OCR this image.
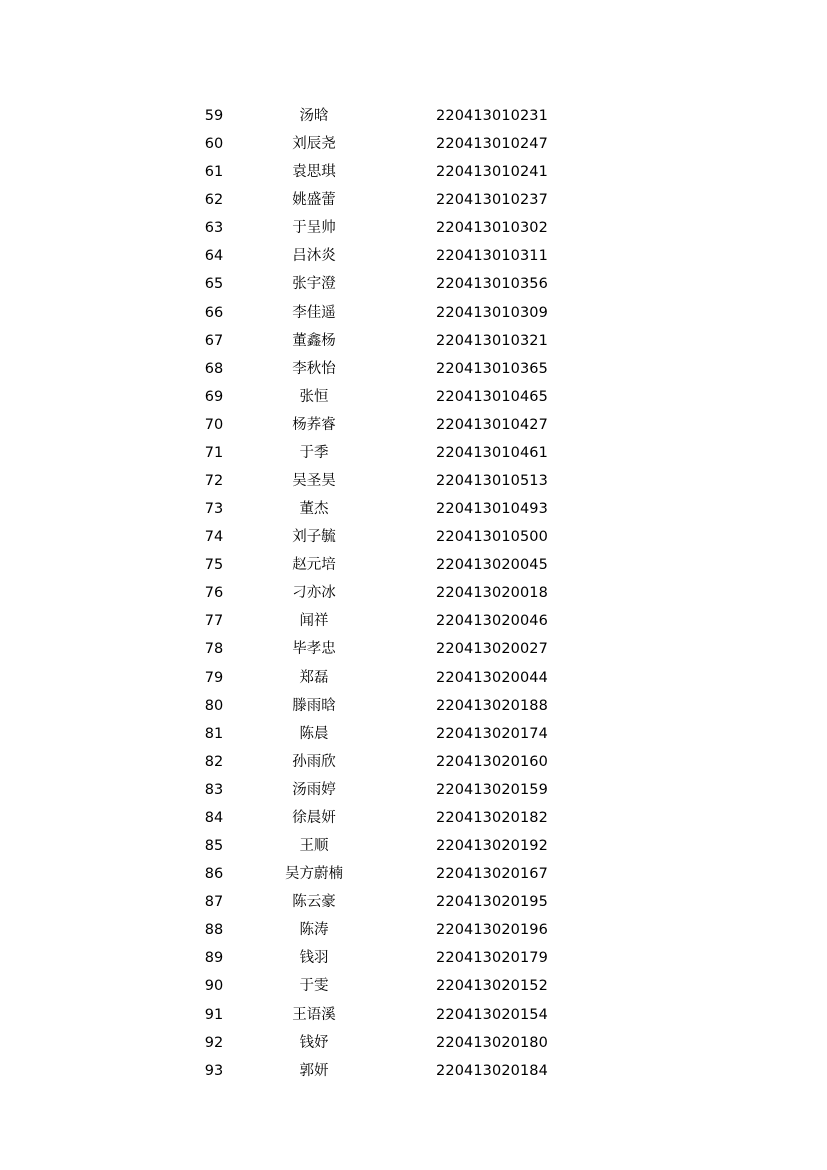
59	汤晗	220413010231
60	刘辰尧	220413010247
61	袁思琪	220413010241
62	姚盛蕾	220413010237
63	于呈帅	220413010302
64	吕沐炎	220413010311
65	张宇澄	220413010356
66	李佳遥	220413010309
67	董鑫杨	220413010321
68	李秋怡	220413010365
69	张恒	220413010465
70	杨荞睿	220413010427
71	于季	220413010461
72	吴圣昊	220413010513
73	董杰	220413010493
74	刘子毓	220413010500
75	赵元培	220413020045
76	刁亦冰	220413020018
77	闻祥	220413020046
78	毕孝忠	220413020027
79	郑磊	220413020044
80	滕雨晗	220413020188
81	陈晨	220413020174
82	孙雨欣	220413020160
83	汤雨婷	220413020159
84	徐晨妍	220413020182
85	王顺	220413020192
86	吴方蔚楠	220413020167
87	陈云豪	220413020195
88	陈涛	220413020196
89	钱羽	220413020179
90	于雯	220413020152
91	王语溪	220413020154
92	钱妤	220413020180
93	郭妍	220413020184
